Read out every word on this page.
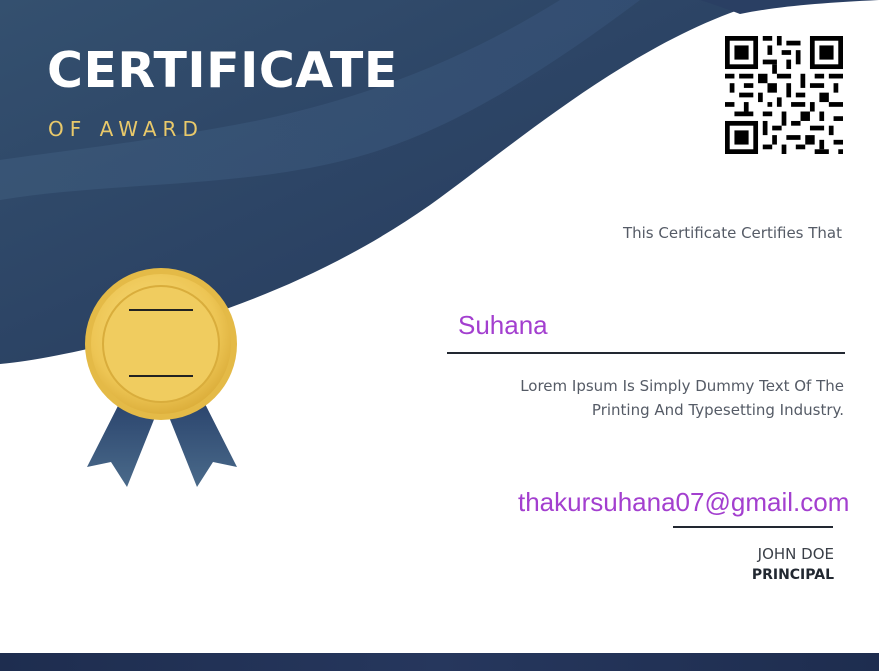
CERTIFICATE
OF AWARD
This Certificate Certifies That
Suhana
Lorem Ipsum Is Simply Dummy Text Of The Printing And Typesetting Industry.
thakursuhana07@gmail.com
JOHN DOE
PRINCIPAL
